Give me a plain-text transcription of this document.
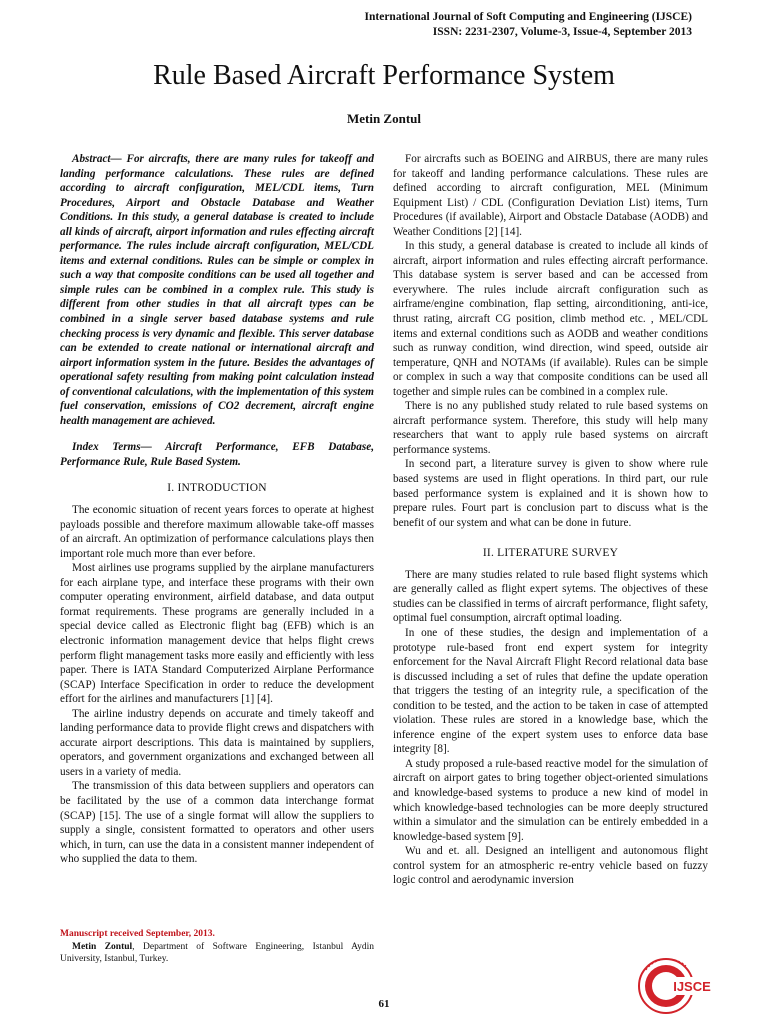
International Journal of Soft Computing and Engineering (IJSCE)
ISSN: 2231-2307, Volume-3, Issue-4, September 2013
Rule Based Aircraft Performance System
Metin Zontul

Abstract— For aircrafts, there are many rules for takeoff and landing performance calculations. These rules are defined according to aircraft configuration, MEL/CDL items, Turn Procedures, Airport and Obstacle Database and Weather Conditions. In this study, a general database is created to include all kinds of aircraft, airport information and rules effecting aircraft performance. The rules include aircraft configuration, MEL/CDL items and external conditions. Rules can be simple or complex in such a way that composite conditions can be used all together and simple rules can be combined in a complex rule. This study is different from other studies in that all aircraft types can be combined in a single server based database systems and rule checking process is very dynamic and flexible. This server database can be extended to create national or international aircraft and airport information system in the future. Besides the advantages of operational safety resulting from making point calculation instead of conventional calculations, with the implementation of this system fuel conservation, emissions of CO2 decrement, aircraft engine health management are achieved.

Index Terms— Aircraft Performance, EFB Database, Performance Rule, Rule Based System.

I. INTRODUCTION

The economic situation of recent years forces to operate at highest payloads possible and therefore maximum allowable take-off masses of an aircraft. An optimization of performance calculations plays then important role much more than ever before.

Most airlines use programs supplied by the airplane manufacturers for each airplane type, and interface these programs with their own computer operating environment, airfield database, and data output format requirements. These programs are generally included in a special device called as Electronic flight bag (EFB) which is an electronic information management device that helps flight crews perform flight management tasks more easily and efficiently with less paper. There is IATA Standard Computerized Airplane Performance (SCAP) Interface Specification in order to reduce the development effort for the airlines and manufacturers [1] [4].

The airline industry depends on accurate and timely takeoff and landing performance data to provide flight crews and dispatchers with accurate airport descriptions. This data is maintained by suppliers, operators, and government organizations and exchanged between all users in a variety of media.

The transmission of this data between suppliers and operators can be facilitated by the use of a common data interchange format (SCAP) [15]. The use of a single format will allow the suppliers to supply a single, consistent formatted to operators and other users which, in turn, can use the data in a consistent manner independent of who supplied the data to them.

For aircrafts such as BOEING and AIRBUS, there are many rules for takeoff and landing performance calculations. These rules are defined according to aircraft configuration, MEL (Minimum Equipment List) / CDL (Configuration Deviation List) items, Turn Procedures (if available), Airport and Obstacle Database (AODB) and Weather Conditions [2] [14].

In this study, a general database is created to include all kinds of aircraft, airport information and rules effecting aircraft performance. This database system is server based and can be accessed from everywhere. The rules include aircraft configuration such as airframe/engine combination, flap setting, airconditioning, anti-ice, thrust rating, aircraft CG position, climb method etc. , MEL/CDL items and external conditions such as AODB and weather conditions such as runway condition, wind direction, wind speed, outside air temperature, QNH and NOTAMs (if available). Rules can be simple or complex in such a way that composite conditions can be used all together and simple rules can be combined in a complex rule.

There is no any published study related to rule based systems on aircraft performance system. Therefore, this study will help many researchers that want to apply rule based systems on aircraft performance systems.

In second part, a literature survey is given to show where rule based systems are used in flight operations. In third part, our rule based performance system is explained and it is shown how to prepare rules. Fourt part is conclusion part to discuss what is the benefit of our system and what can be done in future.

II. LITERATURE SURVEY

There are many studies related to rule based flight systems which are generally called as flight expert sytems. The objectives of these studies can be classified in terms of aircraft performance, flight safety, optimal fuel consumption, aircraft optimal loading.

In one of these studies, the design and implementation of a prototype rule-based front end expert system for integrity enforcement for the Naval Aircraft Flight Record relational data base is discussed including a set of rules that define the update operation that triggers the testing of an integrity rule, a specification of the condition to be tested, and the action to be taken in case of attempted violation. These rules are stored in a knowledge base, which the inference engine of the expert system uses to enforce data base integrity [8].

A study proposed a rule-based reactive model for the simulation of aircraft on airport gates to bring together object-oriented simulations and knowledge-based systems to produce a new kind of model in which knowledge-based technologies can be more deeply structured within a simulator and the simulation can be entirely embedded in a knowledge-based system [9].

Wu and et. all. Designed an intelligent and autonomous flight control system for an atmospheric re-entry vehicle based on fuzzy logic control and aerodynamic inversion

Manuscript received September, 2013.
Metin Zontul, Department of Software Engineering, Istanbul Aydin University, Istanbul, Turkey.
61
IJSCE
